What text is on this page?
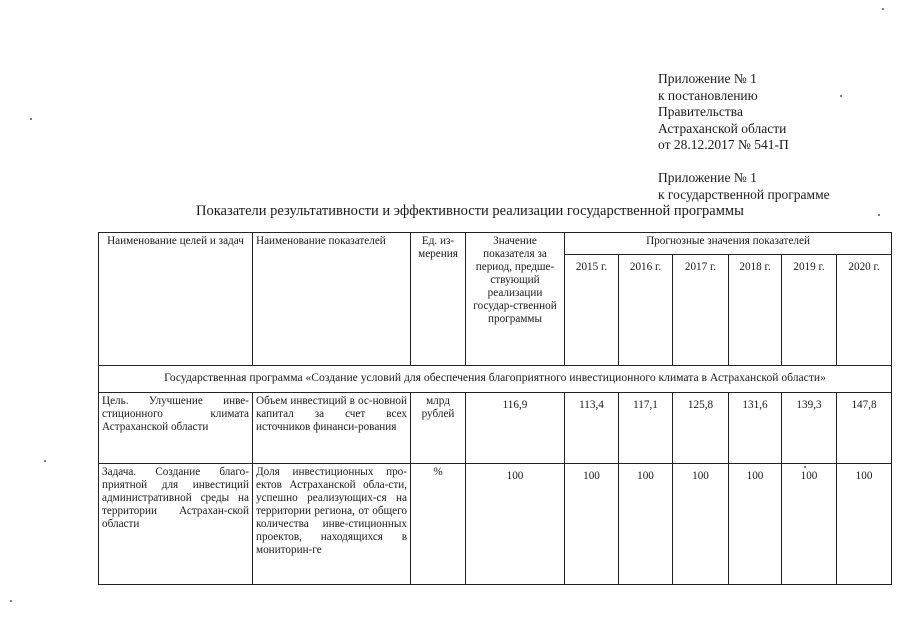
Приложение № 1
к постановлению
Правительства
Астраханской области
от 28.12.2017 № 541-П
Приложение № 1
к государственной программе
Показатели результативности и эффективности реализации государственной программы
Наименование целей и задач	Наименование показателей	Ед. из-мерения	Значение показателя за период, предше-ствующий реализации государ-ственной программы	Прогнозные значения показателей					
				2015 г.	2016 г.	2017 г.	2018 г.	2019 г.	2020 г.
Государственная программа «Создание условий для обеспечения благоприятного инвестиционного климата в Астраханской области»									
Цель. Улучшение инве-стиционного климата Астраханской области	Объем инвестиций в ос-новной капитал за счет всех источников финанси-рования	млрд рублей	116,9	113,4	117,1	125,8	131,6	139,3	147,8
Задача. Создание благо-приятной для инвестиций административной среды на территории Астрахан-ской области	Доля инвестиционных про-ектов Астраханской обла-сти, успешно реализующих-ся на территории региона, от общего количества инве-стиционных проектов, находящихся в мониторин-ге	%	100	100	100	100	100	100	100
